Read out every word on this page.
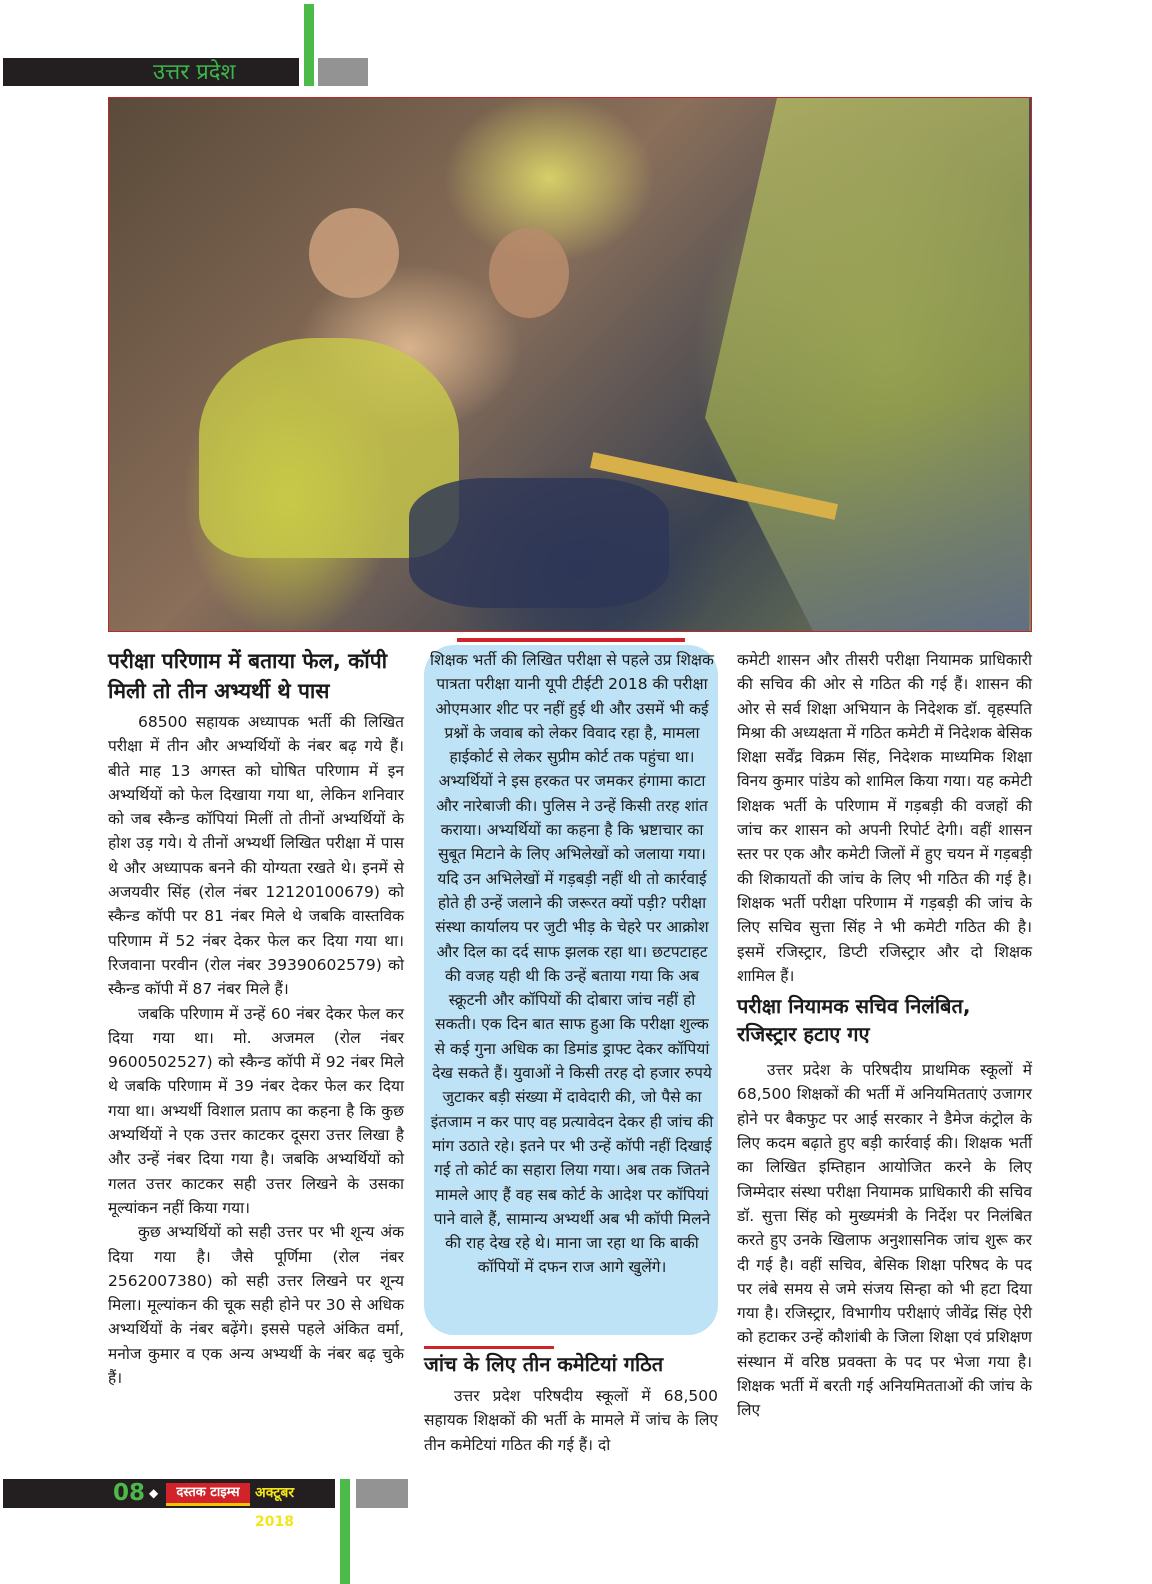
उत्तर प्रदेश
परीक्षा परिणाम में बताया फेल, कॉपी मिली तो तीन अभ्यर्थी थे पास

68500 सहायक अध्यापक भर्ती की लिखित परीक्षा में तीन और अभ्यर्थियों के नंबर बढ़ गये हैं। बीते माह 13 अगस्त को घोषित परिणाम में इन अभ्यर्थियों को फेल दिखाया गया था, लेकिन शनिवार को जब स्कैन्ड कॉपियां मिलीं तो तीनों अभ्यर्थियों के होश उड़ गये। ये तीनों अभ्यर्थी लिखित परीक्षा में पास थे और अध्यापक बनने की योग्यता रखते थे। इनमें से अजयवीर सिंह (रोल नंबर 12120100679) को स्कैन्ड कॉपी पर 81 नंबर मिले थे जबकि वास्तविक परिणाम में 52 नंबर देकर फेल कर दिया गया था। रिजवाना परवीन (रोल नंबर 39390602579) को स्कैन्ड कॉपी में 87 नंबर मिले हैं।

जबकि परिणाम में उन्हें 60 नंबर देकर फेल कर दिया गया था। मो. अजमल (रोल नंबर 9600502527) को स्कैन्ड कॉपी में 92 नंबर मिले थे जबकि परिणाम में 39 नंबर देकर फेल कर दिया गया था। अभ्यर्थी विशाल प्रताप का कहना है कि कुछ अभ्यर्थियों ने एक उत्तर काटकर दूसरा उत्तर लिखा है और उन्हें नंबर दिया गया है। जबकि अभ्यर्थियों को गलत उत्तर काटकर सही उत्तर लिखने के उसका मूल्यांकन नहीं किया गया।

कुछ अभ्यर्थियों को सही उत्तर पर भी शून्य अंक दिया गया है। जैसे पूर्णिमा (रोल नंबर 2562007380) को सही उत्तर लिखने पर शून्य मिला। मूल्यांकन की चूक सही होने पर 30 से अधिक अभ्यर्थियों के नंबर बढ़ेंगे। इससे पहले अंकित वर्मा, मनोज कुमार व एक अन्य अभ्यर्थी के नंबर बढ़ चुके हैं।

शिक्षक भर्ती की लिखित परीक्षा से पहले उप्र शिक्षक पात्रता परीक्षा यानी यूपी टीईटी 2018 की परीक्षा ओएमआर शीट पर नहीं हुई थी और उसमें भी कई प्रश्नों के जवाब को लेकर विवाद रहा है, मामला हाईकोर्ट से लेकर सुप्रीम कोर्ट तक पहुंचा था। अभ्यर्थियों ने इस हरकत पर जमकर हंगामा काटा और नारेबाजी की। पुलिस ने उन्हें किसी तरह शांत कराया। अभ्यर्थियों का कहना है कि भ्रष्टाचार का सुबूत मिटाने के लिए अभिलेखों को जलाया गया। यदि उन अभिलेखों में गड़बड़ी नहीं थी तो कार्रवाई होते ही उन्हें जलाने की जरूरत क्यों पड़ी? परीक्षा संस्था कार्यालय पर जुटी भीड़ के चेहरे पर आक्रोश और दिल का दर्द साफ झलक रहा था। छटपटाहट की वजह यही थी कि उन्हें बताया गया कि अब स्क्रूटनी और कॉपियों की दोबारा जांच नहीं हो सकती। एक दिन बात साफ हुआ कि परीक्षा शुल्क से कई गुना अधिक का डिमांड ड्राफ्ट देकर कॉपियां देख सकते हैं। युवाओं ने किसी तरह दो हजार रुपये जुटाकर बड़ी संख्या में दावेदारी की, जो पैसे का इंतजाम न कर पाए वह प्रत्यावेदन देकर ही जांच की मांग उठाते रहे। इतने पर भी उन्हें कॉपी नहीं दिखाई गई तो कोर्ट का सहारा लिया गया। अब तक जितने मामले आए हैं वह सब कोर्ट के आदेश पर कॉपियां पाने वाले हैं, सामान्य अभ्यर्थी अब भी कॉपी मिलने की राह देख रहे थे। माना जा रहा था कि बाकी कॉपियों में दफन राज आगे खुलेंगे।
जांच के लिए तीन कमेटियां गठित

उत्तर प्रदेश परिषदीय स्कूलों में 68,500 सहायक शिक्षकों की भर्ती के मामले में जांच के लिए तीन कमेटियां गठित की गई हैं। दो

कमेटी शासन और तीसरी परीक्षा नियामक प्राधिकारी की सचिव की ओर से गठित की गई हैं। शासन की ओर से सर्व शिक्षा अभियान के निदेशक डॉ. वृहस्पति मिश्रा की अध्यक्षता में गठित कमेटी में निदेशक बेसिक शिक्षा सर्वेंद्र विक्रम सिंह, निदेशक माध्यमिक शिक्षा विनय कुमार पांडेय को शामिल किया गया। यह कमेटी शिक्षक भर्ती के परिणाम में गड़बड़ी की वजहों की जांच कर शासन को अपनी रिपोर्ट देगी। वहीं शासन स्तर पर एक और कमेटी जिलों में हुए चयन में गड़बड़ी की शिकायतों की जांच के लिए भी गठित की गई है। शिक्षक भर्ती परीक्षा परिणाम में गड़बड़ी की जांच के लिए सचिव सुत्ता सिंह ने भी कमेटी गठित की है। इसमें रजिस्ट्रार, डिप्टी रजिस्ट्रार और दो शिक्षक शामिल हैं।

परीक्षा नियामक सचिव निलंबित, रजिस्ट्रार हटाए गए

उत्तर प्रदेश के परिषदीय प्राथमिक स्कूलों में 68,500 शिक्षकों की भर्ती में अनियमितताएं उजागर होने पर बैकफुट पर आई सरकार ने डैमेज कंट्रोल के लिए कदम बढ़ाते हुए बड़ी कार्रवाई की। शिक्षक भर्ती का लिखित इम्तिहान आयोजित करने के लिए जिम्मेदार संस्था परीक्षा नियामक प्राधिकारी की सचिव डॉ. सुत्ता सिंह को मुख्यमंत्री के निर्देश पर निलंबित करते हुए उनके खिलाफ अनुशासनिक जांच शुरू कर दी गई है। वहीं सचिव, बेसिक शिक्षा परिषद के पद पर लंबे समय से जमे संजय सिन्हा को भी हटा दिया गया है। रजिस्ट्रार, विभागीय परीक्षाएं जीवेंद्र सिंह ऐरी को हटाकर उन्हें कौशांबी के जिला शिक्षा एवं प्रशिक्षण संस्थान में वरिष्ठ प्रवक्ता के पद पर भेजा गया है। शिक्षक भर्ती में बरती गई अनियमितताओं की जांच के लिए

08 ◆	दस्तक टाइम्स	अक्टूबर 2018
